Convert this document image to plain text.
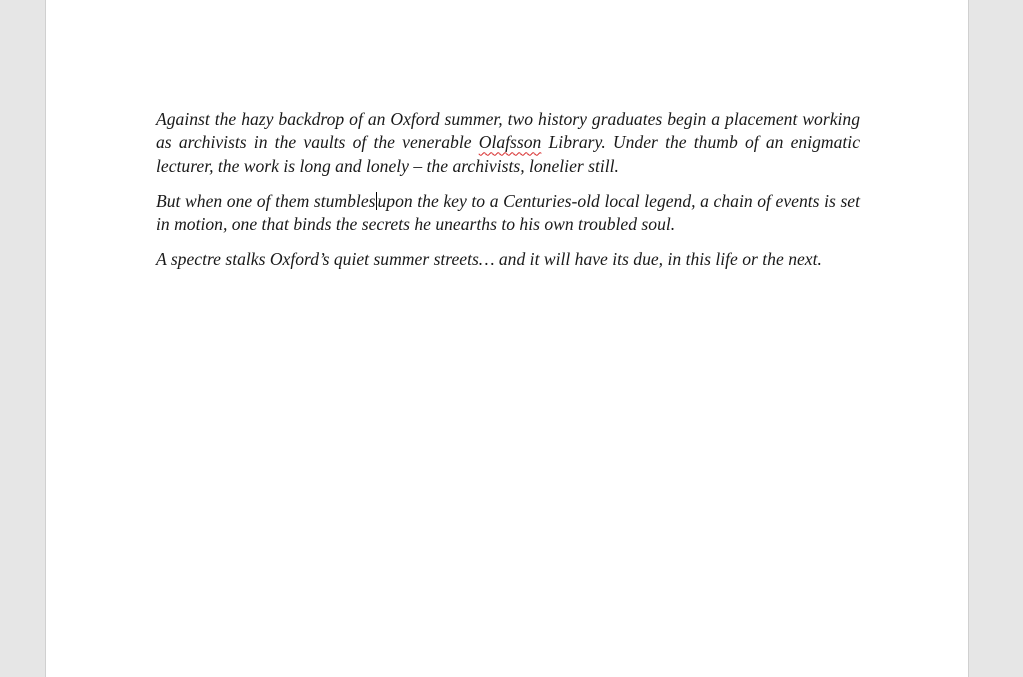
Against the hazy backdrop of an Oxford summer, two history graduates begin a placement working as archivists in the vaults of the venerable Olafsson Library. Under the thumb of an enigmatic lecturer, the work is long and lonely – the archivists, lonelier still.

But when one of them stumbles upon the key to a Centuries-old local legend, a chain of events is set in motion, one that binds the secrets he unearths to his own troubled soul.

A spectre stalks Oxford’s quiet summer streets… and it will have its due, in this life or the next.
